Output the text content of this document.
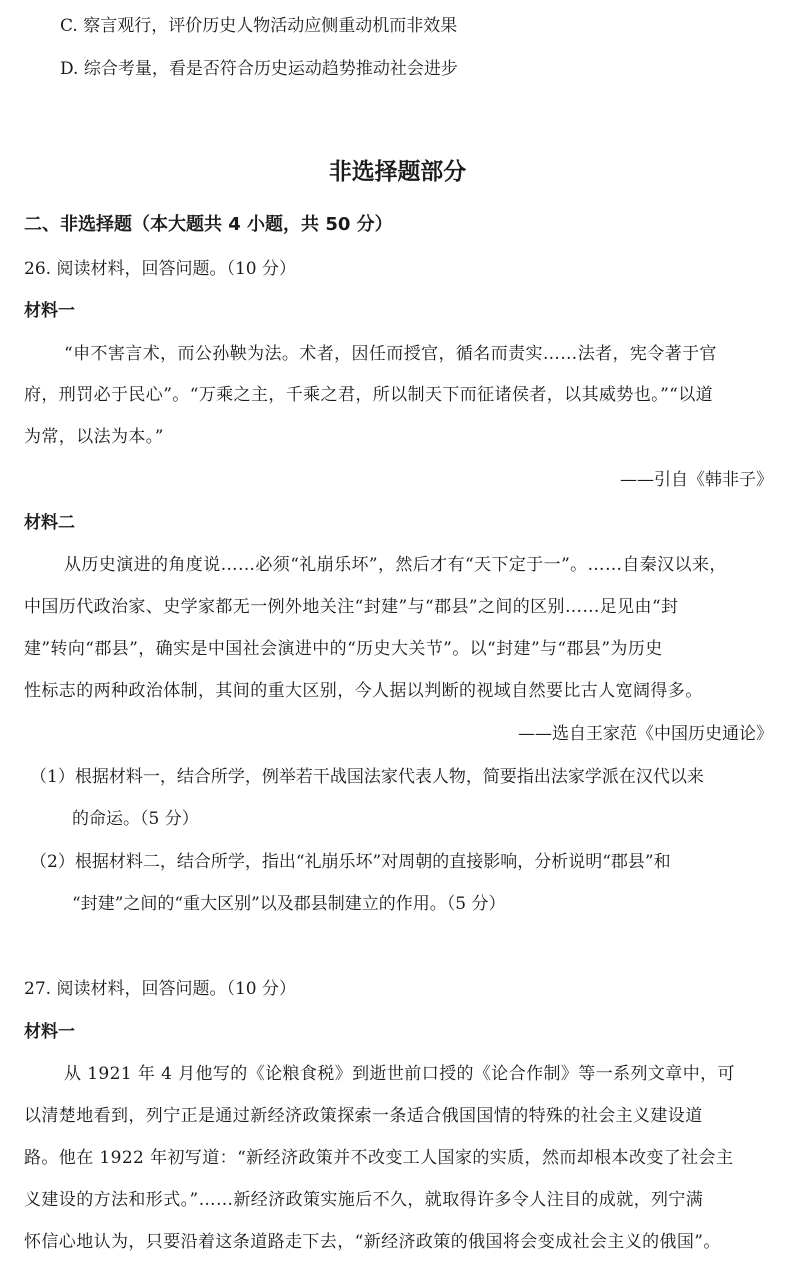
C. 察言观行，评价历史人物活动应侧重动机而非效果
D. 综合考量，看是否符合历史运动趋势推动社会进步
非选择题部分
二、非选择题（本大题共 4 小题，共 50 分）
26. 阅读材料，回答问题。（10 分）
材料一
“申不害言术，而公孙鞅为法。术者，因任而授官，循名而责实……法者，宪令著于官
府，刑罚必于民心”。“万乘之主，千乘之君，所以制天下而征诸侯者，以其威势也。”“以道
为常，以法为本。”
——引自《韩非子》
材料二
从历史演进的角度说……必须“礼崩乐坏”，然后才有“天下定于一”。……自秦汉以来，
中国历代政治家、史学家都无一例外地关注“封建”与“郡县”之间的区别……足见由“封
建”转向“郡县”，确实是中国社会演进中的“历史大关节”。以“封建”与“郡县”为历史
性标志的两种政治体制，其间的重大区别，今人据以判断的视域自然要比古人宽阔得多。
——选自王家范《中国历史通论》
（1）根据材料一，结合所学，例举若干战国法家代表人物，简要指出法家学派在汉代以来
的命运。（5 分）
（2）根据材料二，结合所学，指出“礼崩乐坏”对周朝的直接影响，分析说明“郡县”和
“封建”之间的“重大区别”以及郡县制建立的作用。（5 分）
27. 阅读材料，回答问题。（10 分）
材料一
从 1921 年 4 月他写的《论粮食税》到逝世前口授的《论合作制》等一系列文章中，可
以清楚地看到，列宁正是通过新经济政策探索一条适合俄国国情的特殊的社会主义建设道
路。他在 1922 年初写道：“新经济政策并不改变工人国家的实质，然而却根本改变了社会主
义建设的方法和形式。”……新经济政策实施后不久，就取得许多令人注目的成就，列宁满
怀信心地认为，只要沿着这条道路走下去，“新经济政策的俄国将会变成社会主义的俄国”。
